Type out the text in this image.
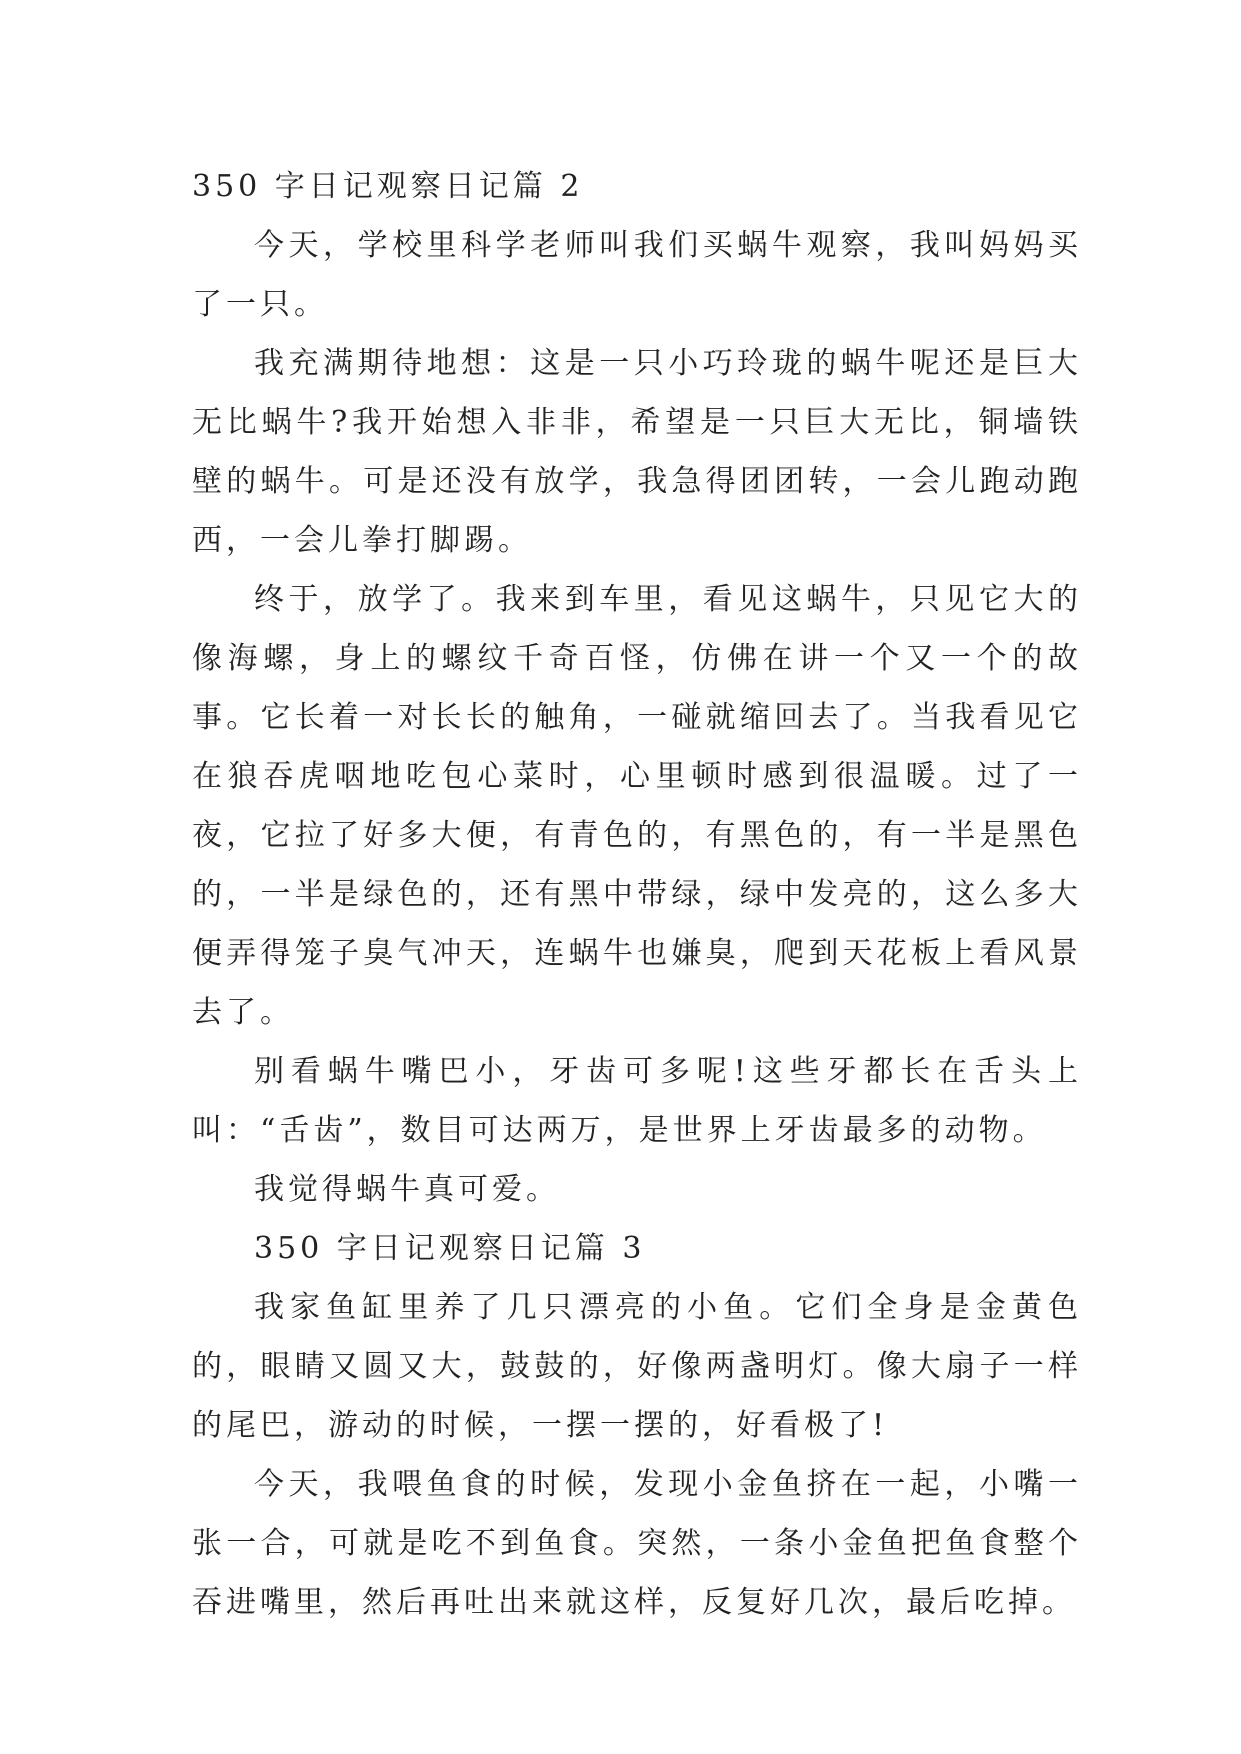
350 字日记观察日记篇 2

今天，学校里科学老师叫我们买蜗牛观察，我叫妈妈买了一只。

我充满期待地想：这是一只小巧玲珑的蜗牛呢还是巨大无比蜗牛?我开始想入非非，希望是一只巨大无比，铜墙铁壁的蜗牛。可是还没有放学，我急得团团转，一会儿跑动跑西，一会儿拳打脚踢。

终于，放学了。我来到车里，看见这蜗牛，只见它大的像海螺，身上的螺纹千奇百怪，仿佛在讲一个又一个的故事。它长着一对长长的触角，一碰就缩回去了。当我看见它在狼吞虎咽地吃包心菜时，心里顿时感到很温暖。过了一夜，它拉了好多大便，有青色的，有黑色的，有一半是黑色的，一半是绿色的，还有黑中带绿，绿中发亮的，这么多大便弄得笼子臭气冲天，连蜗牛也嫌臭，爬到天花板上看风景去了。

别看蜗牛嘴巴小，牙齿可多呢!这些牙都长在舌头上叫：“舌齿”，数目可达两万，是世界上牙齿最多的动物。

我觉得蜗牛真可爱。

350 字日记观察日记篇 3

我家鱼缸里养了几只漂亮的小鱼。它们全身是金黄色的，眼睛又圆又大，鼓鼓的，好像两盏明灯。像大扇子一样的尾巴，游动的时候，一摆一摆的，好看极了!

今天，我喂鱼食的时候，发现小金鱼挤在一起，小嘴一张一合，可就是吃不到鱼食。突然，一条小金鱼把鱼食整个吞进嘴里，然后再吐出来就这样，反复好几次，最后吃掉。
